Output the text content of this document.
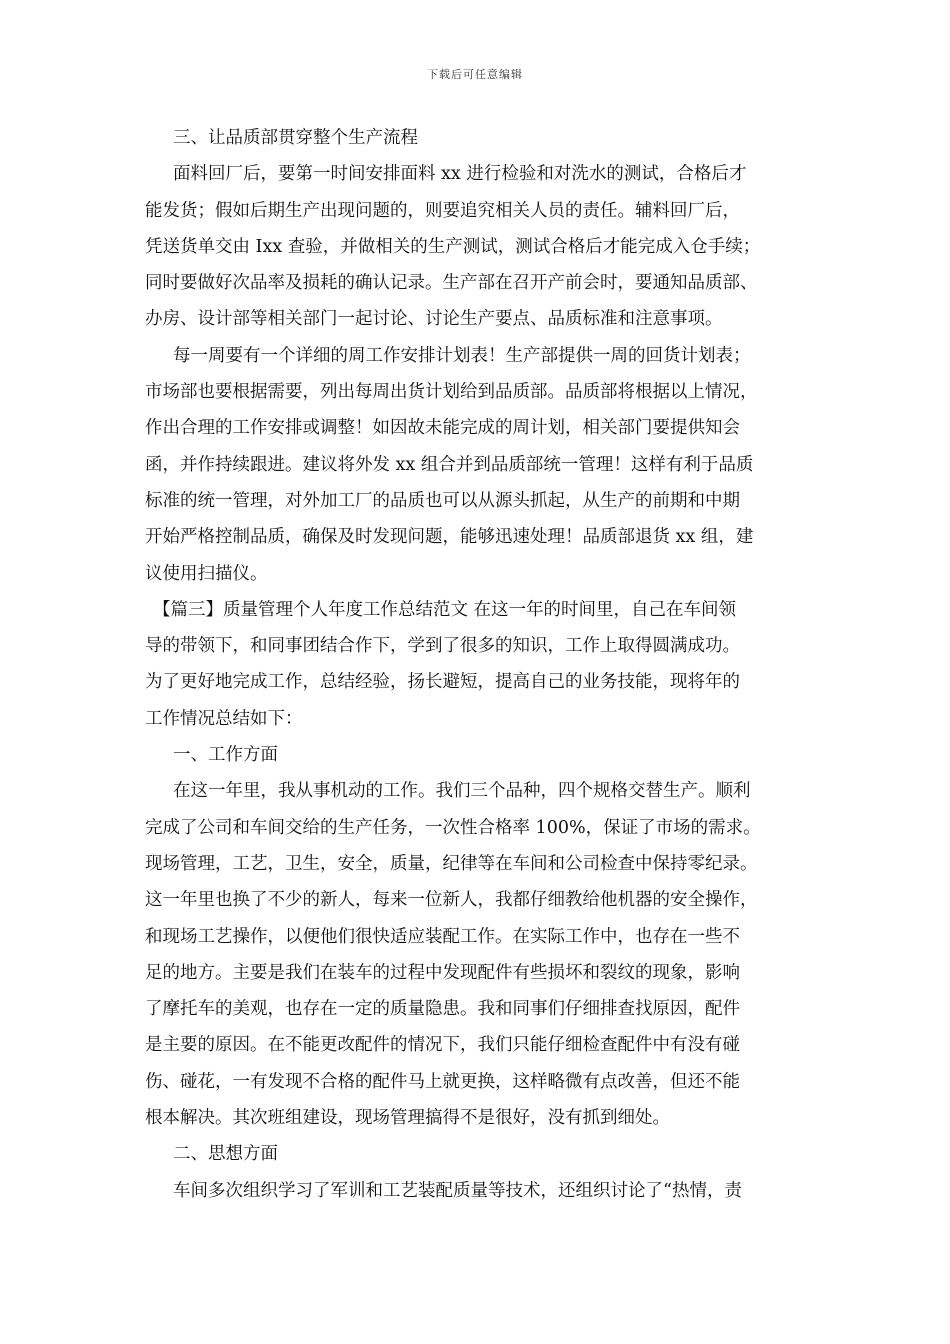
下载后可任意编辑
三、让品质部贯穿整个生产流程
面料回厂后，要第一时间安排面料 xx 进行检验和对洗水的测试，合格后才
能发货；假如后期生产出现问题的，则要追究相关人员的责任。辅料回厂后，
凭送货单交由 Ixx 查验，并做相关的生产测试，测试合格后才能完成入仓手续；
同时要做好次品率及损耗的确认记录。生产部在召开产前会时，要通知品质部、
办房、设计部等相关部门一起讨论、讨论生产要点、品质标准和注意事项。
每一周要有一个详细的周工作安排计划表！生产部提供一周的回货计划表；
市场部也要根据需要，列出每周出货计划给到品质部。品质部将根据以上情况，
作出合理的工作安排或调整！如因故未能完成的周计划，相关部门要提供知会
函，并作持续跟进。建议将外发 xx 组合并到品质部统一管理！这样有利于品质
标准的统一管理，对外加工厂的品质也可以从源头抓起，从生产的前期和中期
开始严格控制品质，确保及时发现问题，能够迅速处理！品质部退货 xx 组，建
议使用扫描仪。
【篇三】质量管理个人年度工作总结范文 在这一年的时间里，自己在车间领
导的带领下，和同事团结合作下，学到了很多的知识，工作上取得圆满成功。
为了更好地完成工作，总结经验，扬长避短，提高自己的业务技能，现将年的
工作情况总结如下：
一、工作方面
在这一年里，我从事机动的工作。我们三个品种，四个规格交替生产。顺利
完成了公司和车间交给的生产任务，一次性合格率 100%，保证了市场的需求。
现场管理，工艺，卫生，安全，质量，纪律等在车间和公司检查中保持零纪录。
这一年里也换了不少的新人，每来一位新人，我都仔细教给他机器的安全操作，
和现场工艺操作，以便他们很快适应装配工作。在实际工作中，也存在一些不
足的地方。主要是我们在装车的过程中发现配件有些损坏和裂纹的现象，影响
了摩托车的美观，也存在一定的质量隐患。我和同事们仔细排查找原因，配件
是主要的原因。在不能更改配件的情况下，我们只能仔细检查配件中有没有碰
伤、碰花，一有发现不合格的配件马上就更换，这样略微有点改善，但还不能
根本解决。其次班组建设，现场管理搞得不是很好，没有抓到细处。
二、思想方面
车间多次组织学习了军训和工艺装配质量等技术，还组织讨论了“热情，责
